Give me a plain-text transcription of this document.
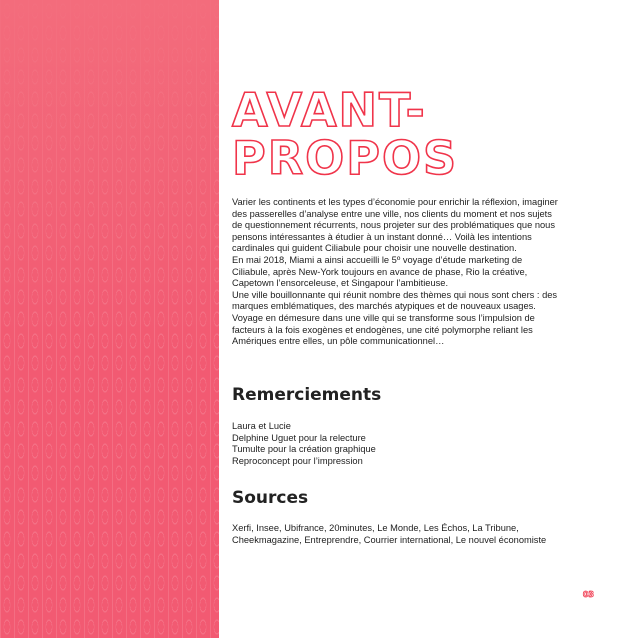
AVANT-
PROPOS

Varier les continents et les types d’économie pour enrichir la réflexion, imaginer des passerelles d’analyse entre une ville, nos clients du moment et nos sujets de questionnement récurrents, nous projeter sur des problématiques que nous pensons intéressantes à étudier à un instant donné… Voilà les intentions cardinales qui guident Ciliabule pour choisir une nouvelle destination.

En mai 2018, Miami a ainsi accueilli le 5º voyage d’étude marketing de Ciliabule, après New-York toujours en avance de phase, Rio la créative, Capetown l’ensorceleuse, et Singapour l’ambitieuse.

Une ville bouillonnante qui réunit nombre des thèmes qui nous sont chers : des marques emblématiques, des marchés atypiques et de nouveaux usages. Voyage en démesure dans une ville qui se transforme sous l’impulsion de facteurs à la fois exogènes et endogènes, une cité polymorphe reliant les Amériques entre elles, un pôle communicationnel…

Remerciements
Laura et Lucie
Delphine Uguet pour la relecture
Tumulte pour la création graphique
Reproconcept pour l’impression
Sources

Xerfi, Insee, Ubifrance, 20minutes, Le Monde, Les Échos, La Tribune, Cheekmagazine, Entreprendre, Courrier international, Le nouvel économiste

03
